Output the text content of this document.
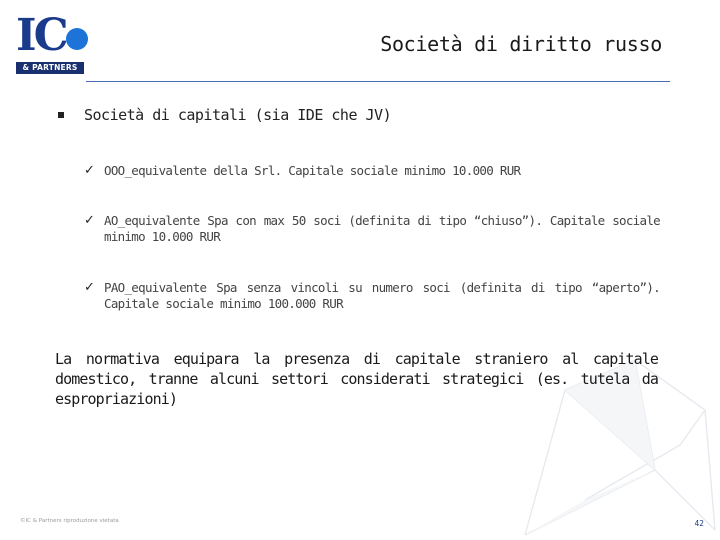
IC
& PARTNERS
Società di diritto russo
Società di capitali (sia IDE che JV)
✓ OOO_equivalente della Srl. Capitale sociale minimo 10.000 RUR
✓ AO_equivalente Spa con max 50 soci (definita di tipo “chiuso”). Capitale sociale minimo 10.000 RUR
✓ PAO_equivalente Spa senza vincoli su numero soci (definita di tipo “aperto”). Capitale sociale minimo 100.000 RUR
La normativa equipara la presenza di capitale straniero al capitale domestico, tranne alcuni settori considerati strategici (es. tutela da espropriazioni)
©IC & Partners riproduzione vietata	42
